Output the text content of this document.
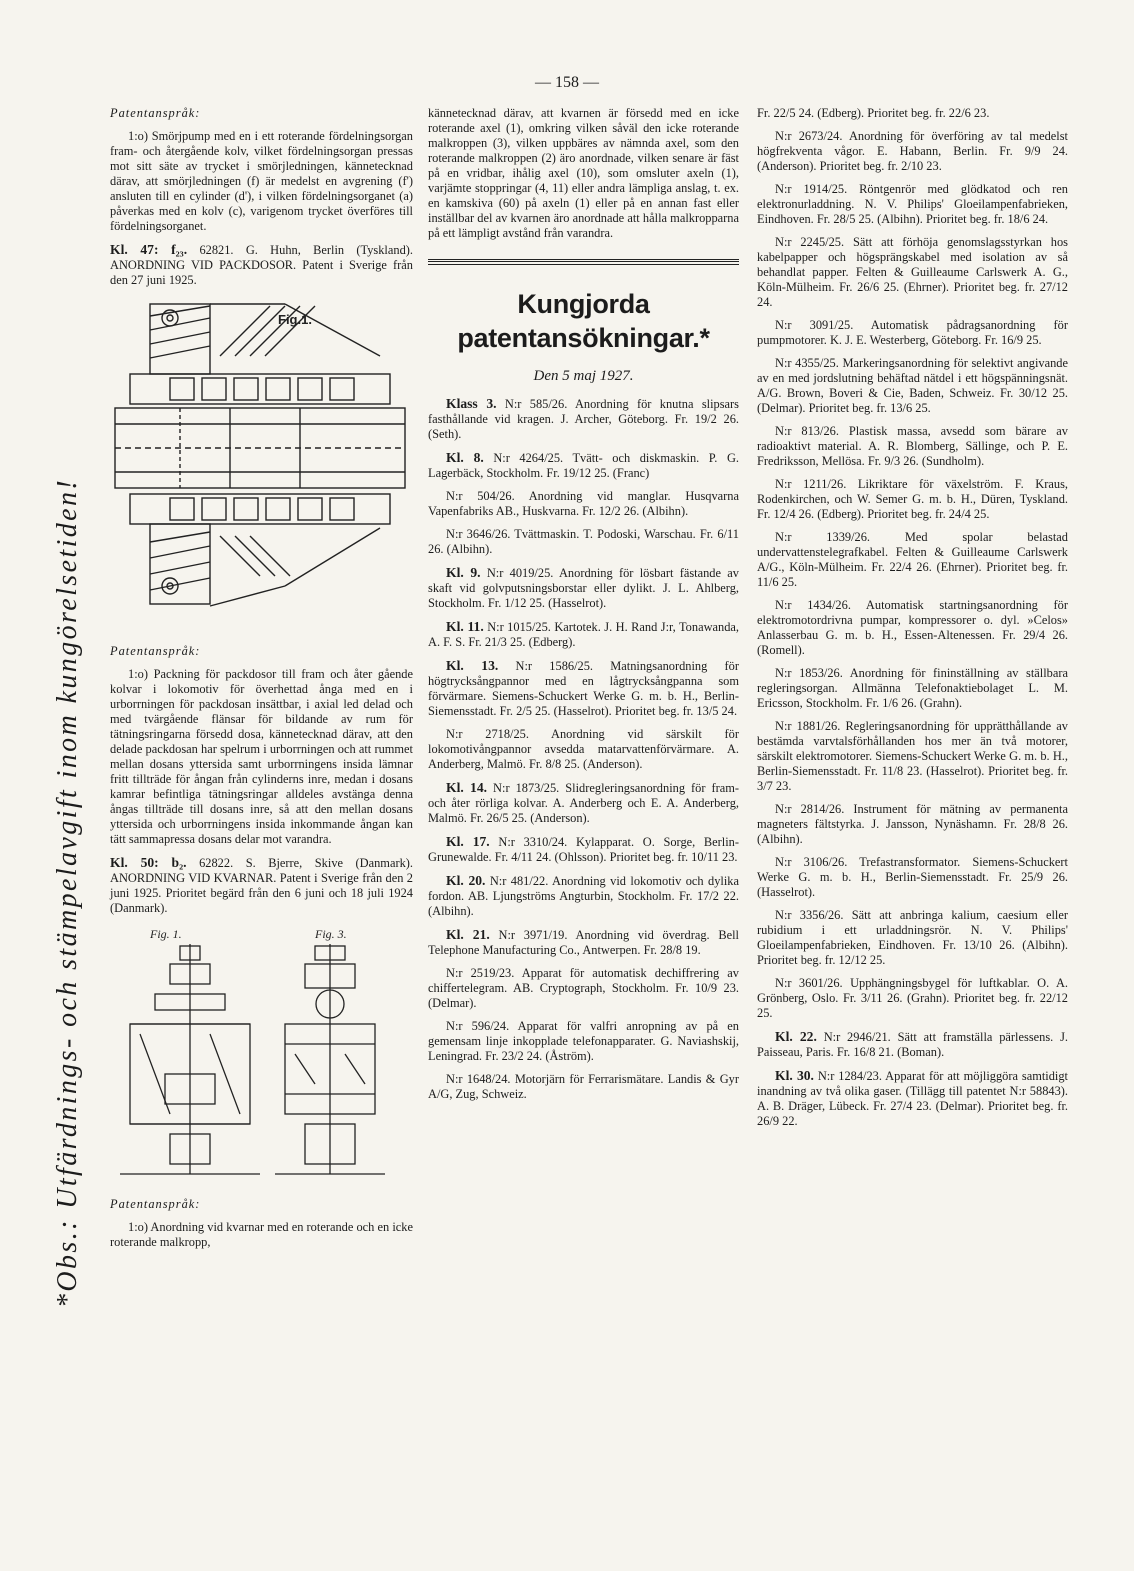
— 158 —
*Obs.: Utfärdnings- och stämpelavgift inom kungörelsetiden!

Patentanspråk:

1:o) Smörjpump med en i ett roterande fördelningsorgan fram- och återgående kolv, vilket fördelningsorgan pressas mot sitt säte av trycket i smörjledningen, kännetecknad därav, att smörjledningen (f) är medelst en avgrening (f') ansluten till en cylinder (d'), i vilken fördelningsorganet (a) påverkas med en kolv (c), varigenom trycket överföres till fördelningsorganet.

Kl. 47: f₂₃. 62821. G. Huhn, Berlin (Tyskland). ANORDNING VID PACKDOSOR. Patent i Sverige från den 27 juni 1925.

Fig.1.

Patentanspråk:

1:o) Packning för packdosor till fram och åter gående kolvar i lokomotiv för överhettad ånga med en i urborrningen för packdosan insättbar, i axial led delad och med tvärgående flänsar för bildande av rum för tätningsringarna försedd dosa, kännetecknad därav, att den delade packdosan har spelrum i urborrningen och att rummet mellan dosans yttersida samt urborrningens insida lämnar fritt tillträde för ångan från cylinderns inre, medan i dosans kamrar befintliga tätningsringar alldeles avstänga denna ångas tillträde till dosans inre, så att den mellan dosans yttersida och urborrningens insida inkommande ångan kan tätt sammapressa dosans delar mot varandra.

Kl. 50: b₂. 62822. S. Bjerre, Skive (Danmark). ANORDNING VID KVARNAR. Patent i Sverige från den 2 juni 1925. Prioritet begärd från den 6 juni och 18 juli 1924 (Danmark).

Fig. 1.	Fig. 3.

Patentanspråk:

1:o) Anordning vid kvarnar med en roterande och en icke roterande malkropp,

kännetecknad därav, att kvarnen är försedd med en icke roterande axel (1), omkring vilken såväl den icke roterande malkroppen (3), vilken uppbäres av nämnda axel, som den roterande malkroppen (2) äro anordnade, vilken senare är fäst på en vridbar, ihålig axel (10), som omsluter axeln (1), varjämte stoppringar (4, 11) eller andra lämpliga anslag, t. ex. en kamskiva (60) på axeln (1) eller på en annan fast eller inställbar del av kvarnen äro anordnade att hålla malkropparna på ett lämpligt avstånd från varandra.

Kungjorda patentansökningar.*
Den 5 maj 1927.

Klass 3. N:r 585/26. Anordning för knutna slipsars fasthållande vid kragen. J. Archer, Göteborg. Fr. 19/2 26. (Seth).

Kl. 8. N:r 4264/25. Tvätt- och diskmaskin. P. G. Lagerbäck, Stockholm. Fr. 19/12 25. (Franc)

N:r 504/26. Anordning vid manglar. Husqvarna Vapenfabriks AB., Huskvarna. Fr. 12/2 26. (Albihn).

N:r 3646/26. Tvättmaskin. T. Podoski, Warschau. Fr. 6/11 26. (Albihn).

Kl. 9. N:r 4019/25. Anordning för lösbart fästande av skaft vid golvputsningsborstar eller dylikt. J. L. Ahlberg, Stockholm. Fr. 1/12 25. (Hasselrot).

Kl. 11. N:r 1015/25. Kartotek. J. H. Rand J:r, Tonawanda, A. F. S. Fr. 21/3 25. (Edberg).

Kl. 13. N:r 1586/25. Matningsanordning för högtrycksångpannor med en lågtrycksångpanna som förvärmare. Siemens-Schuckert Werke G. m. b. H., Berlin-Siemensstadt. Fr. 2/5 25. (Hasselrot). Prioritet beg. fr. 13/5 24.

N:r 2718/25. Anordning vid särskilt för lokomotivångpannor avsedda matarvattenförvärmare. A. Anderberg, Malmö. Fr. 8/8 25. (Anderson).

Kl. 14. N:r 1873/25. Slidregleringsanordning för fram- och åter rörliga kolvar. A. Anderberg och E. A. Anderberg, Malmö. Fr. 26/5 25. (Anderson).

Kl. 17. N:r 3310/24. Kylapparat. O. Sorge, Berlin-Grunewalde. Fr. 4/11 24. (Ohlsson). Prioritet beg. fr. 10/11 23.

Kl. 20. N:r 481/22. Anordning vid lokomotiv och dylika fordon. AB. Ljungströms Angturbin, Stockholm. Fr. 17/2 22. (Albihn).

Kl. 21. N:r 3971/19. Anordning vid överdrag. Bell Telephone Manufacturing Co., Antwerpen. Fr. 28/8 19.

N:r 2519/23. Apparat för automatisk dechiffrering av chiffertelegram. AB. Cryptograph, Stockholm. Fr. 10/9 23. (Delmar).

N:r 596/24. Apparat för valfri anropning av på en gemensam linje inkopplade telefonapparater. G. Naviashskij, Leningrad. Fr. 23/2 24. (Åström).

N:r 1648/24. Motorjärn för Ferrarismätare. Landis & Gyr A/G, Zug, Schweiz.

Fr. 22/5 24. (Edberg). Prioritet beg. fr. 22/6 23.

N:r 2673/24. Anordning för överföring av tal medelst högfrekventa vågor. E. Habann, Berlin. Fr. 9/9 24. (Anderson). Prioritet beg. fr. 2/10 23.

N:r 1914/25. Röntgenrör med glödkatod och ren elektronurladdning. N. V. Philips' Gloeilampenfabrieken, Eindhoven. Fr. 28/5 25. (Albihn). Prioritet beg. fr. 18/6 24.

N:r 2245/25. Sätt att förhöja genomslagsstyrkan hos kabelpapper och högsprängskabel med isolation av så behandlat papper. Felten & Guilleaume Carlswerk A. G., Köln-Mülheim. Fr. 26/6 25. (Ehrner). Prioritet beg. fr. 27/12 24.

N:r 3091/25. Automatisk pådragsanordning för pumpmotorer. K. J. E. Westerberg, Göteborg. Fr. 16/9 25.

N:r 4355/25. Markeringsanordning för selektivt angivande av en med jordslutning behäftad nätdel i ett högspänningsnät. A/G. Brown, Boveri & Cie, Baden, Schweiz. Fr. 30/12 25. (Delmar). Prioritet beg. fr. 13/6 25.

N:r 813/26. Plastisk massa, avsedd som bärare av radioaktivt material. A. R. Blomberg, Sällinge, och P. E. Fredriksson, Mellösa. Fr. 9/3 26. (Sundholm).

N:r 1211/26. Likriktare för växelström. F. Kraus, Rodenkirchen, och W. Semer G. m. b. H., Düren, Tyskland. Fr. 12/4 26. (Edberg). Prioritet beg. fr. 24/4 25.

N:r 1339/26. Med spolar belastad undervattenstelegrafkabel. Felten & Guilleaume Carlswerk A/G., Köln-Mülheim. Fr. 22/4 26. (Ehrner). Prioritet beg. fr. 11/6 25.

N:r 1434/26. Automatisk startningsanordning för elektromotordrivna pumpar, kompressorer o. dyl. »Celos» Anlasserbau G. m. b. H., Essen-Altenessen. Fr. 29/4 26. (Romell).

N:r 1853/26. Anordning för fininställning av ställbara regleringsorgan. Allmänna Telefonaktiebolaget L. M. Ericsson, Stockholm. Fr. 1/6 26. (Grahn).

N:r 1881/26. Regleringsanordning för upprätthållande av bestämda varvtalsförhållanden hos mer än två motorer, särskilt elektromotorer. Siemens-Schuckert Werke G. m. b. H., Berlin-Siemensstadt. Fr. 11/8 23. (Hasselrot). Prioritet beg. fr. 3/7 23.

N:r 2814/26. Instrument för mätning av permanenta magneters fältstyrka. J. Jansson, Nynäshamn. Fr. 28/8 26. (Albihn).

N:r 3106/26. Trefastransformator. Siemens-Schuckert Werke G. m. b. H., Berlin-Siemensstadt. Fr. 25/9 26. (Hasselrot).

N:r 3356/26. Sätt att anbringa kalium, caesium eller rubidium i ett urladdningsrör. N. V. Philips' Gloeilampenfabrieken, Eindhoven. Fr. 13/10 26. (Albihn). Prioritet beg. fr. 12/12 25.

N:r 3601/26. Upphängningsbygel för luftkablar. O. A. Grönberg, Oslo. Fr. 3/11 26. (Grahn). Prioritet beg. fr. 22/12 25.

Kl. 22. N:r 2946/21. Sätt att framställa pärlessens. J. Paisseau, Paris. Fr. 16/8 21. (Boman).

Kl. 30. N:r 1284/23. Apparat för att möjliggöra samtidigt inandning av två olika gaser. (Tillägg till patentet N:r 58843). A. B. Dräger, Lübeck. Fr. 27/4 23. (Delmar). Prioritet beg. fr. 26/9 22.
